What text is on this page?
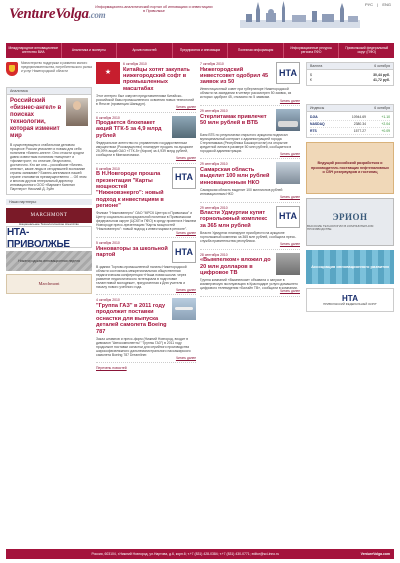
VentureVolga.com
Информационно-аналитический портал об инновациях и инвестициях в Приволжье
РУС | ENG
Международное инновационное агентство ВИА	Аналитика и эксперты	Архив новостей	Предприятия и инновации	Полезная информация	Информационные ресурсы региона ПФО
Приволжский федеральный округ (ПФО)
Министерство поддержки и развития малого предпринимательства, потребительского рынка и услуг Нижегородской области
Аналитика
Российский «бизнес-ангел» в поисках технологии, которая изменит мир
В существующем и стабильном деловом процессе России уникален и новым для себя понятием «бизнес-ангел». Оно отчасти сродни давно известным понятиям «меценат» и «филантроп», но отличие, безусловно, достаточно. Кто же они – российские «бизнес-ангелы», какие люды в сегодняшней экономике страны занимают? Бизнес-ангелами в нашей стране становятся преимущественно ... Об этом и многом другом генеральный директор инновационного ООО «Варминт Капитал Партнерс» Николай Д. Зуйн
Наши партнеры:
MARCHMONT
Национальное Технологическое Агентство
НТА-ПРИВОЛЖЬЕ
Нижегородская инновационная неделя
Marchmont
★
6 октября 2010
Китайцы хотят закупать нижегородский софт в промышленных масштабах
Этот интерес был озвучен представителями Китайско-российской базы промышленного освоения новых технологий в Янъгзе (провинция Шаньдун).
Читать далее
6 октября 2010
Продается блокпакет акций ТГК-5 за 4,9 млрд рублей
Федеральное агентство по управлению государственным имуществом (Росимущество) планирует продать на аукционе 25,09% акций ОАО «ТГК-5» (Киров) за 4,939 млрд рублей, сообщили в Минэкономики.
Читать далее
6 октября 2010
В Н.Новгороде прошла презентация "Карты мощностей "Нижновэнерго": новый подход к инвестициям в регионе"
НТА
Филиал "Нижновэнерго" ОАО "МРСК Центра и Приволжья" и Центр социально-консорциальной политики в Приволжском федеральном округе (ЦСКП в ПФО) в среду провели в Нижнем Новгороде пресс-презентацию "Карты мощностей "Нижновэнерго": новый подход к инвестициям в регионе".
Читать далее
5 октября 2010
Инноваторы за школьной партой	НТА
В здании Торгово-промышленной палаты Нижегородской области состоялась межрегиональная общественная педагогическая конференция «Наша новая школа: через развитие педагогического потенциала в подготовке талантливой молодежи», приуроченная к Дню учителя и началу нового учебного года.
Читать далее
4 октября 2010
"Группа ГАЗ" в 2011 году продолжит поставки оснастки для выпуска деталей самолета Boeing 787
Заказ штампов и пресс-форм (Нижний Новгород, входит в дивизион "Автокомпоненты" "Группы ГАЗ") в 2011 году продолжит поставки оснастки для серийного производства широкофюзеляжного дальнемагистрального пассажирского самолета Boeing 787 Dreamliner.
Читать далее
Перечень новостей
7 октября 2010
Нижегородский инвестсовет одобрил 45 заявок из 50
НТА
Инвестиционный совет при губернаторе Нижегородской области на заседании в четверг рассмотрел 50 заявок, из которых одобрил 45, отказано по 5 заявкам.
Читать далее
29 сентября 2010
Стерлитамак привлечет 50 млн рублей в ВТБ
Банк ВТБ по результатам открытого аукциона подписал муниципальный контракт с администрацией города Стерлитамака (Республика Башкортостан) на открытие кредитной линии в размере 50 млн рублей, сообщается в городской администрации.
Читать далее
29 сентября 2010
Самарская область выделит 100 млн рублей инновационным НКО
Самарская область выделит 100 миллионов рублей инновационным НКО
Читать далее
29 сентября 2010
Власти Удмуртии купят горнолыжный комплекс за 365 млн рублей
НТА
Власти Удмуртии планируют приобрести на аукционе горнолыжный комплекс за 365 млн рублей, сообщила пресс-служба правительства республики.
Читать далее
28 сентября 2010
«Вымпелком» вложил до 20 млн долларов в цифровое ТВ
Группа компаний «Вымпелком» объявила о запуске в коммерческую эксплуатацию в Краснодаре услуги домашнего цифрового телевидения «Билайн ТВ», сообщили в компании.
Читать далее
Валюта	6 октября
$	30,44 руб.
€	41,72 руб.
Индексы	6 октября
DJIA	10944.69	+1.10
NASDAQ	2380.34	+2.04
RTS	1577.27	+0.09
Ведущий российский разработчик и производитель поставщик нефтеналивных и СВЧ резервуаров и гостиниц
ЭРИОН
ВЫСОКИЕ ТЕХНОЛОГИИ В КОМПЬЮТЕРНОМ ПРОИЗВОДСТВЕ
Ассоциация инновационного развития
НТА
ПРИВОЛЖСКИЙ ФЕДЕРАЛЬНЫЙ ОКРУГ
Россия, 603104, г.Нижний Новгород, ул.Нартова, д.6, корп.6; т.+7 (831) 428-0384; т.+7 (831) 430-0771; editor@sci-inno.ru	VentureVolga.com
